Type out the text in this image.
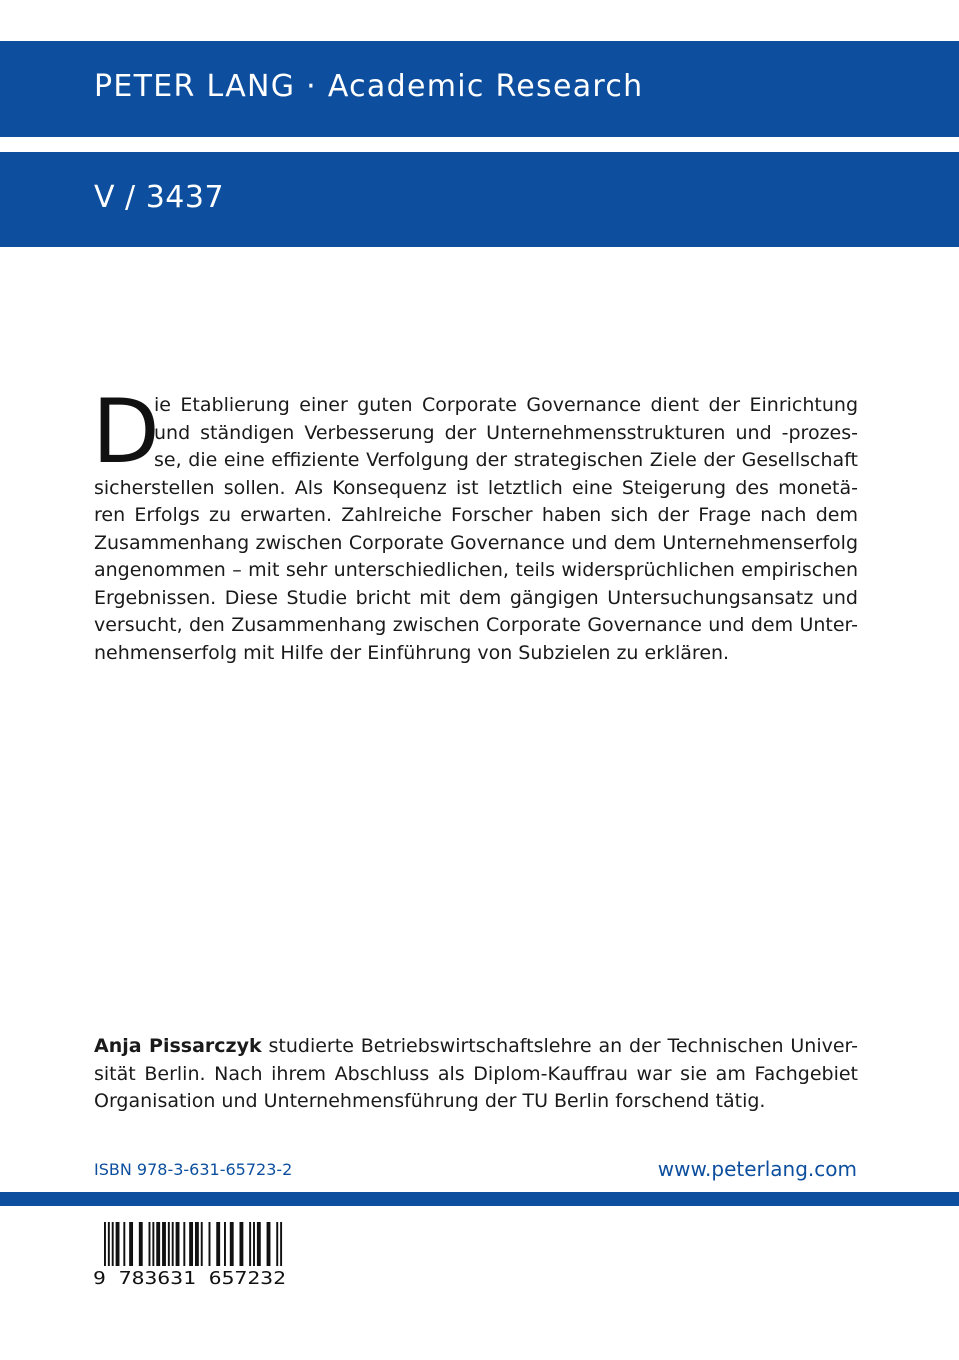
PETER LANG · Academic Research
V / 3437
D
ie Etablierung einer guten Corporate Governance dient der Einrichtung
und ständigen Verbesserung der Unternehmensstrukturen und -prozes-
se, die eine effiziente Verfolgung der strategischen Ziele der Gesellschaft
sicherstellen sollen. Als Konsequenz ist letztlich eine Steigerung des monetä-
ren Erfolgs zu erwarten. Zahlreiche Forscher haben sich der Frage nach dem
Zusammenhang zwischen Corporate Governance und dem Unternehmenserfolg
angenommen – mit sehr unterschiedlichen, teils widersprüchlichen empirischen
Ergebnissen. Diese Studie bricht mit dem gängigen Untersuchungsansatz und
versucht, den Zusammenhang zwischen Corporate Governance und dem Unter-
nehmenserfolg mit Hilfe der Einführung von Subzielen zu erklären.
Anja Pissarczyk studierte Betriebswirtschaftslehre an der Technischen Univer-
sität Berlin. Nach ihrem Abschluss als Diplom-Kauffrau war sie am Fachgebiet
Organisation und Unternehmensführung der TU Berlin forschend tätig.
ISBN 978-3-631-65723-2	www.peterlang.com
9 783631 657232
